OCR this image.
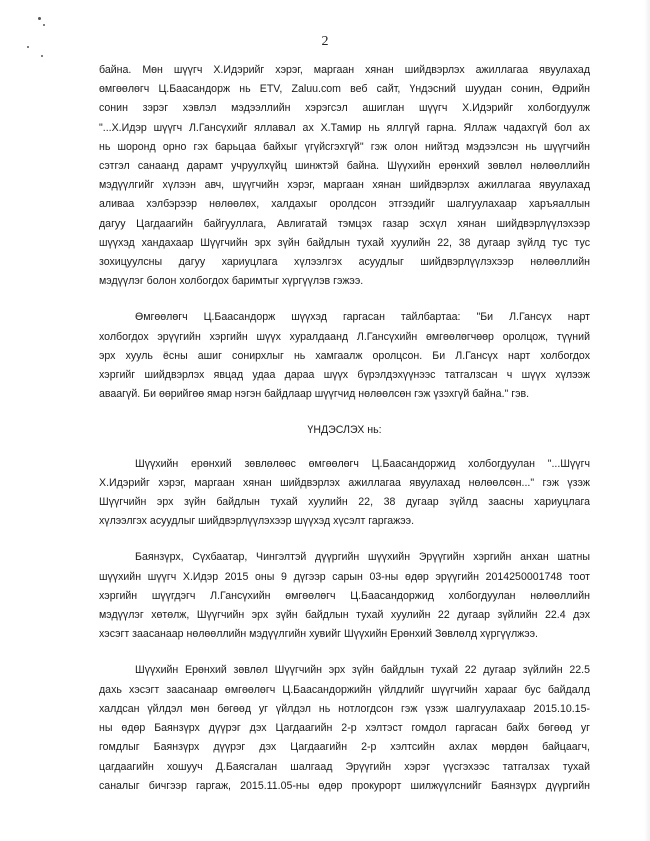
2
байна. Мөн шүүгч Х.Идэрийг хэрэг, маргаан хянан шийдвэрлэх ажиллагаа явуулахад
өмгөөлөгч Ц.Баасандорж нь ETV, Zaluu.com веб сайт, Үндэсний шуудан сонин, Өдрийн
сонин зэрэг хэвлэл мэдээллийн хэрэгсэл ашиглан шүүгч Х.Идэрийг холбогдуулж
"...Х.Идэр шүүгч Л.Гансүхийг яллавал ах Х.Тамир нь яллгүй гарна. Яллаж чадахгүй бол ах
нь шоронд орно гэх барьцаа байхыг үгүйсгэхгүй" гэж олон нийтэд мэдээлсэн нь шүүгчийн
сэтгэл санаанд дарамт учруулхүйц шинжтэй байна. Шүүхийн ерөнхий зөвлөл нөлөөллийн
мэдүүлгийг хүлээн авч, шүүгчийн хэрэг, маргаан хянан шийдвэрлэх ажиллагаа явуулахад
аливаа хэлбэрээр нөлөөлөх, халдахыг оролдсон этгээдийг шалгуулахаар харъяаллын
дагуу Цагдаагийн байгууллага, Авлигатай тэмцэх газар эсхүл хянан шийдвэрлүүлэхээр
шүүхэд хандахаар Шүүгчийн эрх зүйн байдлын тухай хуулийн 22, 38 дугаар зүйлд тус тус
зохицуулсны дагуу хариуцлага хүлээлгэх асуудлыг шийдвэрлүүлэхээр нөлөөллийн
мэдүүлэг болон холбогдох баримтыг хүргүүлэв гэжээ.
Өмгөөлөгч Ц.Баасандорж шүүхэд гаргасан тайлбартаа: "Би Л.Гансүх нарт
холбогдох эрүүгийн хэргийн шүүх хуралдаанд Л.Гансүхийн өмгөөлөгчөөр оролцож, түүний
эрх хууль ёсны ашиг сонирхлыг нь хамгаалж оролцсон. Би Л.Гансүх нарт холбогдох
хэргийг шийдвэрлэх явцад удаа дараа шүүх бүрэлдэхүүнээс татгалзсан ч шүүх хүлээж
аваагүй. Би өөрийгөө ямар нэгэн байдлаар шүүгчид нөлөөлсөн гэж үзэхгүй байна." гэв.
ҮНДЭСЛЭХ нь:
Шүүхийн ерөнхий зөвлөлөөс өмгөөлөгч Ц.Баасандоржид холбогдуулан "...Шүүгч
Х.Идэрийг хэрэг, маргаан хянан шийдвэрлэх ажиллагаа явуулахад нөлөөлсөн..." гэж үзэж
Шүүгчийн эрх зүйн байдлын тухай хуулийн 22, 38 дугаар зүйлд заасны хариуцлага
хүлээлгэх асуудлыг шийдвэрлүүлэхээр шүүхэд хүсэлт гаргажээ.
Баянзүрх, Сүхбаатар, Чингэлтэй дүүргийн шүүхийн Эрүүгийн хэргийн анхан шатны
шүүхийн шүүгч Х.Идэр 2015 оны 9 дүгээр сарын 03-ны өдөр эрүүгийн 2014250001748 тоот
хэргийн шүүгдэгч Л.Гансүхийн өмгөөлөгч Ц.Баасандоржид холбогдуулан нөлөөллийн
мэдүүлэг хөтөлж, Шүүгчийн эрх зүйн байдлын тухай хуулийн 22 дугаар зүйлийн 22.4 дэх
хэсэгт заасанаар нөлөөллийн мэдүүлгийн хувийг Шүүхийн Ерөнхий Зөвлөлд хүргүүлжээ.
Шүүхийн Ерөнхий зөвлөл Шүүгчийн эрх зүйн байдлын тухай 22 дугаар зүйлийн 22.5
дахь хэсэгт заасанаар өмгөөлөгч Ц.Баасандоржийн үйлдлийг шүүгчийн харааг бус байдалд
халдсан үйлдэл мөн бөгөөд уг үйлдэл нь нотлогдсон гэж үзэж шалгуулахаар 2015.10.15-
ны өдөр Баянзүрх дүүрэг дэх Цагдаагийн 2-р хэлтэст гомдол гаргасан байх бөгөөд уг
гомдлыг Баянзүрх дүүрэг дэх Цагдаагийн 2-р хэлтсийн ахлах мөрдөн байцаагч,
цагдаагийн хошууч Д.Баясгалан шалгаад Эрүүгийн хэрэг үүсгэхээс татгалзах тухай
саналыг бичгээр гаргаж, 2015.11.05-ны өдөр прокурорт шилжүүлснийг Баянзүрх дүүргийн
